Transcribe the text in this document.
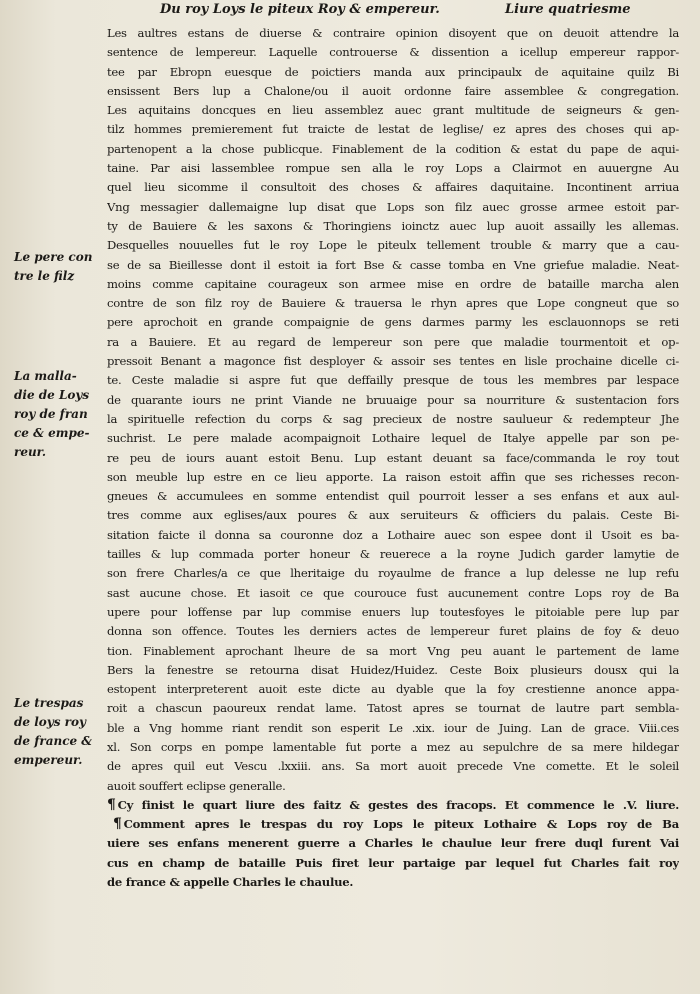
Du roy Loys le piteux Roy & empereur.	Liure quatriesme
Le pere con
tre le filz
La malla-
die de Loys
roy de fran
ce & empe-
reur.
Le trespas
de loys roy
de france &
empereur.
Les aultres estans de diuerse & contraire opinion disoyent que on deuoit attendre la
sentence de lempereur. Laquelle controuerse & dissention a icellup empereur rappor-
tee par Ebropn euesque de poictiers manda aux principaulx de aquitaine quilz Bi
ensissent Bers lup a Chalone/ou il auoit ordonne faire assemblee & congregation.
Les aquitains doncques en lieu assemblez auec grant multitude de seigneurs & gen-
tilz hommes premierement fut traicte de lestat de leglise/ ez apres des choses qui ap-
partenopent a la chose publicque. Finablement de la codition & estat du pape de aqui-
taine. Par aisi lassemblee rompue sen alla le roy Lops a Clairmot en auuergne Au
quel lieu sicomme il consultoit des choses & affaires daquitaine. Incontinent arriua
Vng messagier dallemaigne lup disat que Lops son filz auec grosse armee estoit par-
ty de Bauiere & les saxons & Thoringiens ioinctz auec lup auoit assailly les allemas.
Desquelles nouuelles fut le roy Lope le piteulx tellement trouble & marry que a cau-
se de sa Bieillesse dont il estoit ia fort Bse & casse tomba en Vne griefue maladie. Neat-
moins comme capitaine courageux son armee mise en ordre de bataille marcha alen
contre de son filz roy de Bauiere & trauersa le rhyn apres que Lope congneut que so
pere aprochoit en grande compaignie de gens darmes parmy les esclauonnops se reti
ra a Bauiere. Et au regard de lempereur son pere que maladie tourmentoit et op-
pressoit Benant a magonce fist desployer & assoir ses tentes en lisle prochaine dicelle ci-
te. Ceste maladie si aspre fut que deffailly presque de tous les membres par lespace
de quarante iours ne print Viande ne bruuaige pour sa nourriture & sustentacion fors
la spirituelle refection du corps & sag precieux de nostre saulueur & redempteur Jhe
suchrist. Le pere malade acompaignoit Lothaire lequel de Italye appelle par son pe-
re peu de iours auant estoit Benu. Lup estant deuant sa face/commanda le roy tout
son meuble lup estre en ce lieu apporte. La raison estoit affin que ses richesses recon-
gneues & accumulees en somme entendist quil pourroit lesser a ses enfans et aux aul-
tres comme aux eglises/aux poures & aux seruiteurs & officiers du palais. Ceste Bi-
sitation faicte il donna sa couronne doz a Lothaire auec son espee dont il Usoit es ba-
tailles & lup commada porter honeur & reuerece a la royne Judich garder lamytie de
son frere Charles/a ce que lheritaige du royaulme de france a lup delesse ne lup refu
sast aucune chose. Et iasoit ce que courouce fust aucunement contre Lops roy de Ba
upere pour loffense par lup commise enuers lup toutesfoyes le pitoiable pere lup par
donna son offence. Toutes les derniers actes de lempereur furet plains de foy & deuo
tion. Finablement aprochant lheure de sa mort Vng peu auant le partement de lame
Bers la fenestre se retourna disat Huidez/Huidez. Ceste Boix plusieurs dousx qui la
estopent interpreterent auoit este dicte au dyable que la foy crestienne anonce appa-
roit a chascun paoureux rendat lame. Tatost apres se tournat de lautre part sembla-
ble a Vng homme riant rendit son esperit Le .xix. iour de Juing. Lan de grace. Viii.ces
xl. Son corps en pompe lamentable fut porte a mez au sepulchre de sa mere hildegar
de apres quil eut Vescu .lxxiii. ans. Sa mort auoit precede Vne comette. Et le soleil
auoit souffert eclipse generalle.
¶ Cy finist le quart liure des faitz & gestes des fracops. Et commence le .V. liure.
¶ Comment apres le trespas du roy Lops le piteux Lothaire & Lops roy de Ba
uiere ses enfans menerent guerre a Charles le chaulue leur frere duql furent Vai
cus en champ de bataille Puis firet leur partaige par lequel fut Charles fait roy
de france & appelle Charles le chaulue.
